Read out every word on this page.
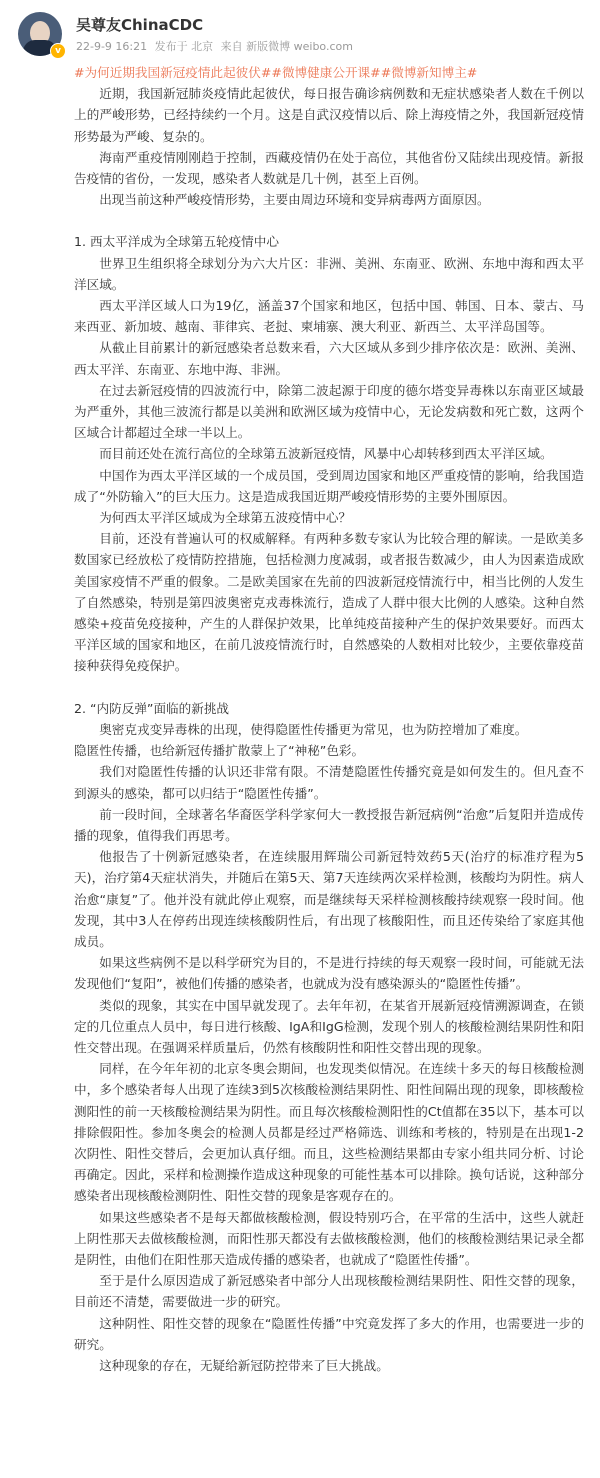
v
吴尊友ChinaCDC
22-9-9 16:21 发布于 北京 来自 新版微博 weibo.com

#为何近期我国新冠疫情此起彼伏##微博健康公开课##微博新知博主#

近期，我国新冠肺炎疫情此起彼伏，每日报告确诊病例数和无症状感染者人数在千例以上的严峻形势，已经持续约一个月。这是自武汉疫情以后、除上海疫情之外，我国新冠疫情形势最为严峻、复杂的。

海南严重疫情刚刚趋于控制，西藏疫情仍在处于高位，其他省份又陆续出现疫情。新报告疫情的省份，一发现，感染者人数就是几十例，甚至上百例。

出现当前这种严峻疫情形势，主要由周边环境和变异病毒两方面原因。

1. 西太平洋成为全球第五轮疫情中心

世界卫生组织将全球划分为六大片区：非洲、美洲、东南亚、欧洲、东地中海和西太平洋区域。

西太平洋区域人口为19亿，涵盖37个国家和地区，包括中国、韩国、日本、蒙古、马来西亚、新加坡、越南、菲律宾、老挝、柬埔寨、澳大利亚、新西兰、太平洋岛国等。

从截止目前累计的新冠感染者总数来看，六大区域从多到少排序依次是：欧洲、美洲、西太平洋、东南亚、东地中海、非洲。

在过去新冠疫情的四波流行中，除第二波起源于印度的德尔塔变异毒株以东南亚区域最为严重外，其他三波流行都是以美洲和欧洲区域为疫情中心，无论发病数和死亡数，这两个区域合计都超过全球一半以上。

而目前还处在流行高位的全球第五波新冠疫情，风暴中心却转移到西太平洋区域。

中国作为西太平洋区域的一个成员国，受到周边国家和地区严重疫情的影响，给我国造成了“外防输入”的巨大压力。这是造成我国近期严峻疫情形势的主要外围原因。

为何西太平洋区域成为全球第五波疫情中心？

目前，还没有普遍认可的权威解释。有两种多数专家认为比较合理的解读。一是欧美多数国家已经放松了疫情防控措施，包括检测力度减弱，或者报告数减少，由人为因素造成欧美国家疫情不严重的假象。二是欧美国家在先前的四波新冠疫情流行中，相当比例的人发生了自然感染，特别是第四波奥密克戎毒株流行，造成了人群中很大比例的人感染。这种自然感染+疫苗免疫接种，产生的人群保护效果，比单纯疫苗接种产生的保护效果要好。而西太平洋区域的国家和地区，在前几波疫情流行时，自然感染的人数相对比较少，主要依靠疫苗接种获得免疫保护。

2. “内防反弹”面临的新挑战

奥密克戎变异毒株的出现，使得隐匿性传播更为常见，也为防控增加了难度。

隐匿性传播，也给新冠传播扩散蒙上了“神秘”色彩。

我们对隐匿性传播的认识还非常有限。不清楚隐匿性传播究竟是如何发生的。但凡查不到源头的感染，都可以归结于“隐匿性传播”。

前一段时间，全球著名华裔医学科学家何大一教授报告新冠病例“治愈”后复阳并造成传播的现象，值得我们再思考。

他报告了十例新冠感染者，在连续服用辉瑞公司新冠特效药5天(治疗的标准疗程为5天)，治疗第4天症状消失，并随后在第5天、第7天连续两次采样检测，核酸均为阴性。病人治愈“康复”了。他并没有就此停止观察，而是继续每天采样检测核酸持续观察一段时间。他发现，其中3人在停药出现连续核酸阴性后，有出现了核酸阳性，而且还传染给了家庭其他成员。

如果这些病例不是以科学研究为目的，不是进行持续的每天观察一段时间，可能就无法发现他们“复阳”，被他们传播的感染者，也就成为没有感染源头的“隐匿性传播”。

类似的现象，其实在中国早就发现了。去年年初，在某省开展新冠疫情溯源调查，在锁定的几位重点人员中，每日进行核酸、IgA和IgG检测，发现个别人的核酸检测结果阴性和阳性交替出现。在强调采样质量后，仍然有核酸阴性和阳性交替出现的现象。

同样，在今年年初的北京冬奥会期间，也发现类似情况。在连续十多天的每日核酸检测中，多个感染者每人出现了连续3到5次核酸检测结果阴性、阳性间隔出现的现象，即核酸检测阳性的前一天核酸检测结果为阴性。而且每次核酸检测阳性的Ct值都在35以下，基本可以排除假阳性。参加冬奥会的检测人员都是经过严格筛选、训练和考核的，特别是在出现1-2次阴性、阳性交替后，会更加认真仔细。而且，这些检测结果都由专家小组共同分析、讨论再确定。因此，采样和检测操作造成这种现象的可能性基本可以排除。换句话说，这种部分感染者出现核酸检测阴性、阳性交替的现象是客观存在的。

如果这些感染者不是每天都做核酸检测，假设特别巧合，在平常的生活中，这些人就赶上阴性那天去做核酸检测，而阳性那天都没有去做核酸检测，他们的核酸检测结果记录全都是阴性，由他们在阳性那天造成传播的感染者，也就成了“隐匿性传播”。

至于是什么原因造成了新冠感染者中部分人出现核酸检测结果阴性、阳性交替的现象，目前还不清楚，需要做进一步的研究。

这种阴性、阳性交替的现象在“隐匿性传播”中究竟发挥了多大的作用，也需要进一步的研究。

这种现象的存在，无疑给新冠防控带来了巨大挑战。
